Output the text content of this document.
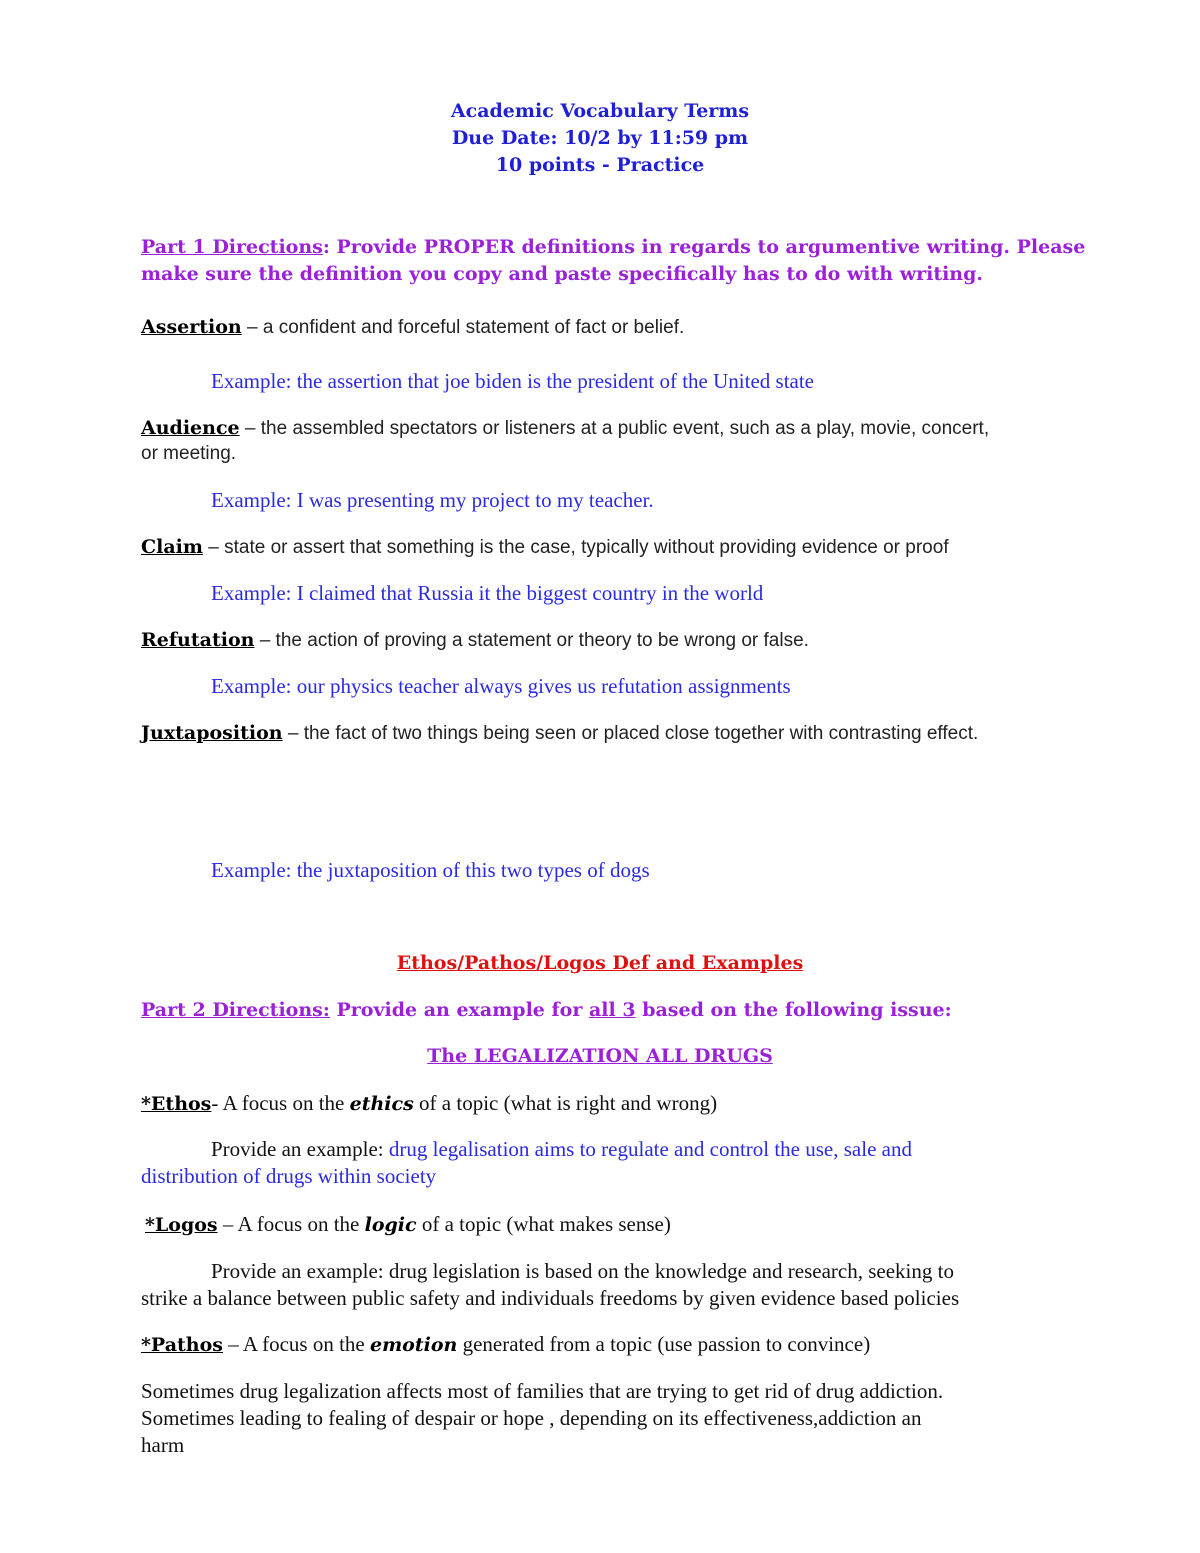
Academic Vocabulary Terms
Due Date: 10/2 by 11:59 pm
10 points - Practice
Part 1 Directions: Provide PROPER definitions in regards to argumentive writing. Please
make sure the definition you copy and paste specifically has to do with writing.
Assertion – a confident and forceful statement of fact or belief.
Example: the assertion that joe biden is the president of the United state
Audience – the assembled spectators or listeners at a public event, such as a play, movie, concert,
or meeting.
Example: I was presenting my project to my teacher.
Claim – state or assert that something is the case, typically without providing evidence or proof
Example: I claimed that Russia it the biggest country in the world
Refutation – the action of proving a statement or theory to be wrong or false.
Example: our physics teacher always gives us refutation assignments
Juxtaposition – the fact of two things being seen or placed close together with contrasting effect.
Example: the juxtaposition of this two types of dogs
Ethos/Pathos/Logos Def and Examples
Part 2 Directions: Provide an example for all 3 based on the following issue:
The LEGALIZATION ALL DRUGS
*Ethos- A focus on the ethics of a topic (what is right and wrong)
Provide an example: drug legalisation aims to regulate and control the use, sale and
distribution of drugs within society
*Logos – A focus on the logic of a topic (what makes sense)
Provide an example: drug legislation is based on the knowledge and research, seeking to
strike a balance between public safety and individuals freedoms by given evidence based policies
*Pathos – A focus on the emotion generated from a topic (use passion to convince)
Sometimes drug legalization affects most of families that are trying to get rid of drug addiction.
Sometimes leading to fealing of despair or hope , depending on its effectiveness,addiction an
harm
